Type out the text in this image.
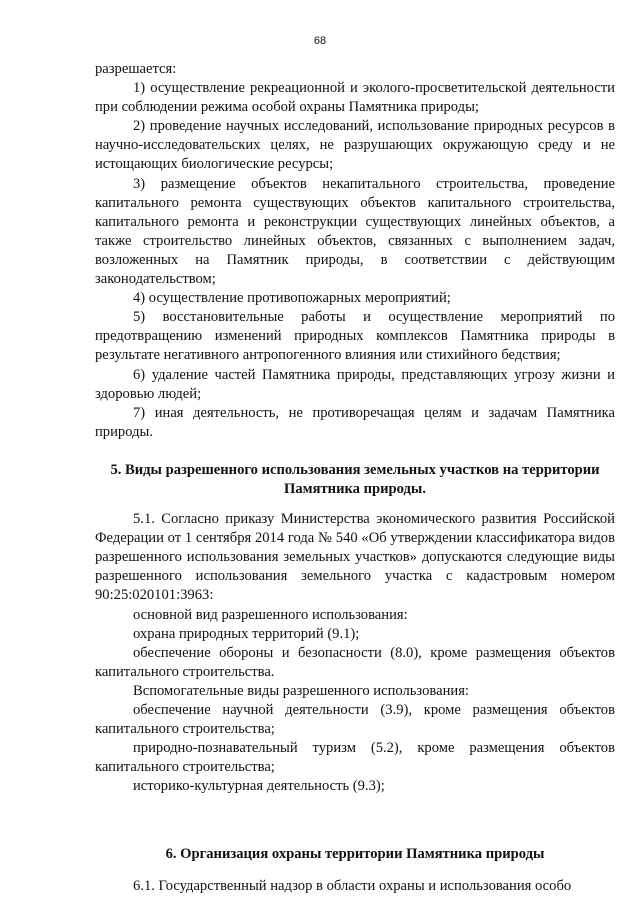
68

разрешается:

1) осуществление рекреационной и эколого-просветительской деятельности при соблюдении режима особой охраны Памятника природы;

2) проведение научных исследований, использование природных ресурсов в научно-исследовательских целях, не разрушающих окружающую среду и не истощающих биологические ресурсы;

3) размещение объектов некапитального строительства, проведение капитального ремонта существующих объектов капитального строительства, капитального ремонта и реконструкции существующих линейных объектов, а также строительство линейных объектов, связанных с выполнением задач, возложенных на Памятник природы, в соответствии с действующим законодательством;

4) осуществление противопожарных мероприятий;

5) восстановительные работы и осуществление мероприятий по предотвращению изменений природных комплексов Памятника природы в результате негативного антропогенного влияния или стихийного бедствия;

6) удаление частей Памятника природы, представляющих угрозу жизни и здоровью людей;

7) иная деятельность, не противоречащая целям и задачам Памятника природы.

5. Виды разрешенного использования земельных участков на территории Памятника природы.

5.1. Согласно приказу Министерства экономического развития Российской Федерации от 1 сентября 2014 года № 540 «Об утверждении классификатора видов разрешенного использования земельных участков» допускаются следующие виды разрешенного использования земельного участка с кадастровым номером 90:25:020101:3963:

основной вид разрешенного использования:

охрана природных территорий (9.1);

обеспечение обороны и безопасности (8.0), кроме размещения объектов капитального строительства.

Вспомогательные виды разрешенного использования:

обеспечение научной деятельности (3.9), кроме размещения объектов капитального строительства;

природно-познавательный туризм (5.2), кроме размещения объектов капитального строительства;

историко-культурная деятельность (9.3);

6. Организация охраны территории Памятника природы

6.1. Государственный надзор в области охраны и использования особо
